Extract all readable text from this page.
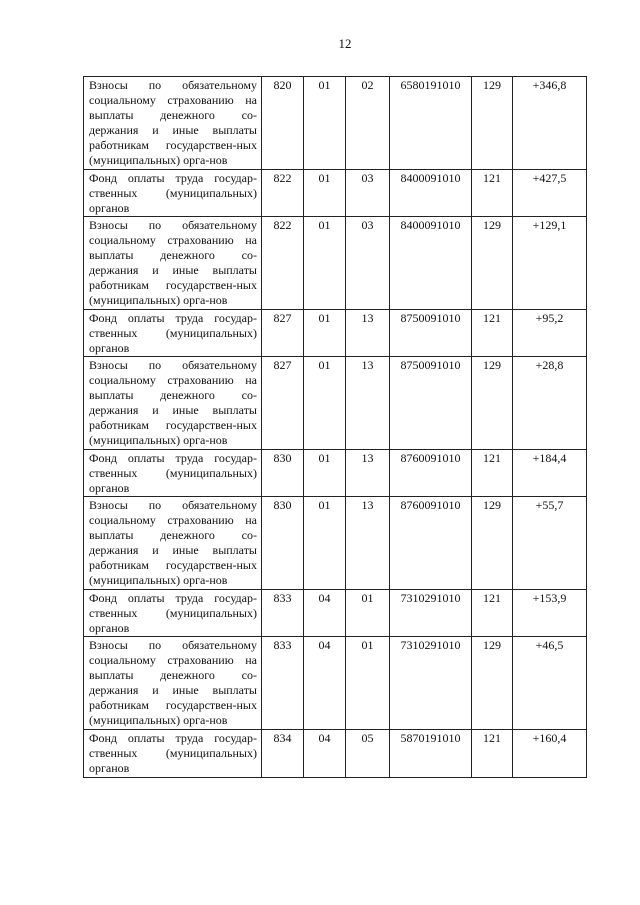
12
Взносы по обязательному социальному страхованию на выплаты денежного со-держания и иные выплаты работникам государствен-ных (муниципальных) орга-нов	820	01	02	6580191010	129	+346,8
Фонд оплаты труда государ-ственных (муниципальных) органов	822	01	03	8400091010	121	+427,5
Взносы по обязательному социальному страхованию на выплаты денежного со-держания и иные выплаты работникам государствен-ных (муниципальных) орга-нов	822	01	03	8400091010	129	+129,1
Фонд оплаты труда государ-ственных (муниципальных) органов	827	01	13	8750091010	121	+95,2
Взносы по обязательному социальному страхованию на выплаты денежного со-держания и иные выплаты работникам государствен-ных (муниципальных) орга-нов	827	01	13	8750091010	129	+28,8
Фонд оплаты труда государ-ственных (муниципальных) органов	830	01	13	8760091010	121	+184,4
Взносы по обязательному социальному страхованию на выплаты денежного со-держания и иные выплаты работникам государствен-ных (муниципальных) орга-нов	830	01	13	8760091010	129	+55,7
Фонд оплаты труда государ-ственных (муниципальных) органов	833	04	01	7310291010	121	+153,9
Взносы по обязательному социальному страхованию на выплаты денежного со-держания и иные выплаты работникам государствен-ных (муниципальных) орга-нов	833	04	01	7310291010	129	+46,5
Фонд оплаты труда государ-ственных (муниципальных) органов	834	04	05	5870191010	121	+160,4
